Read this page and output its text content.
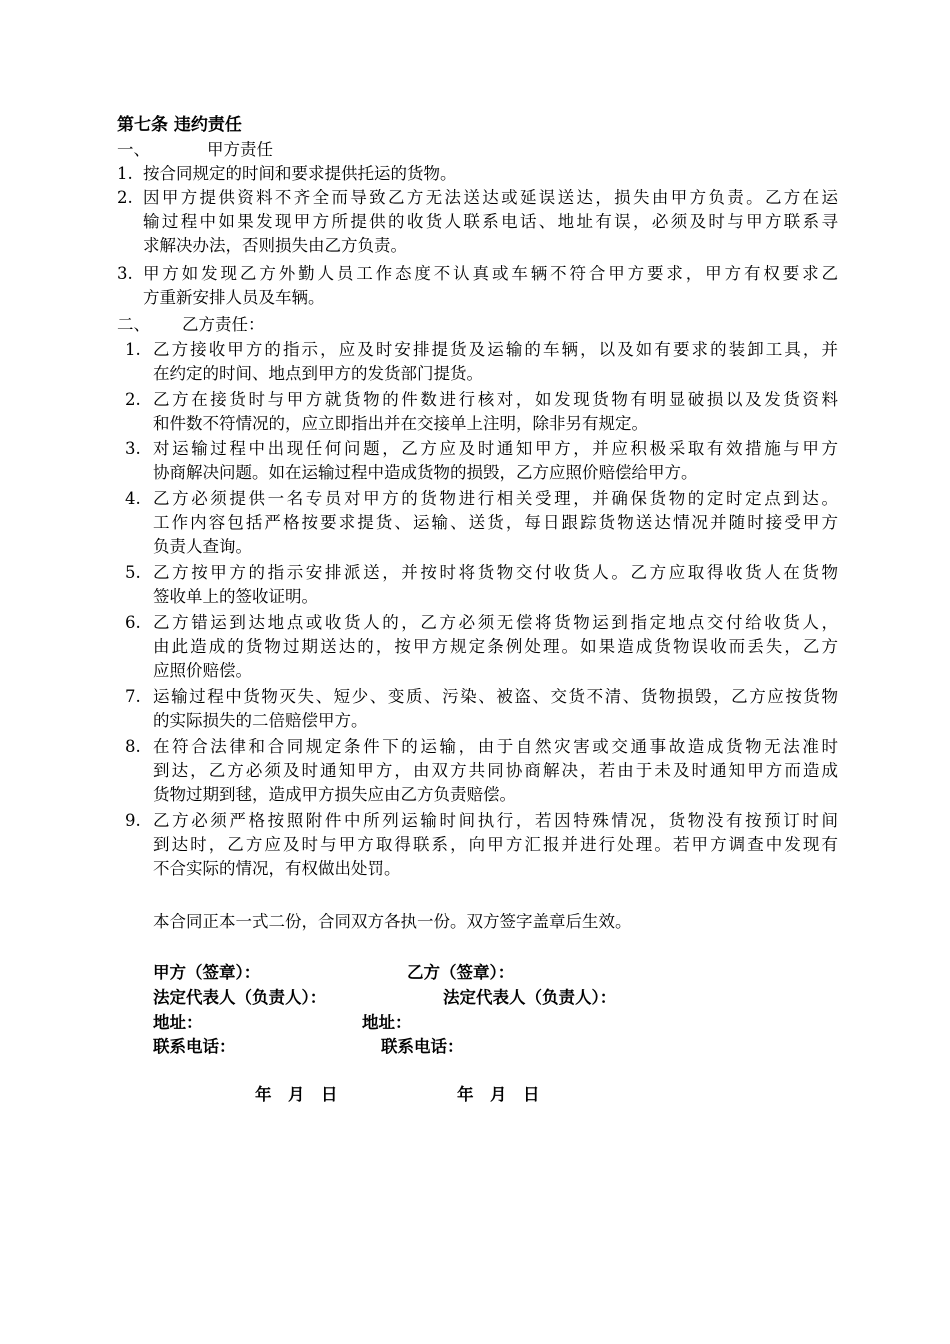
第七条 违约责任
一、	甲方责任
1. 按合同规定的时间和要求提供托运的货物。
2. 因甲方提供资料不齐全而导致乙方无法送达或延误送达，损失由甲方负责。乙方在运
输过程中如果发现甲方所提供的收货人联系电话、地址有误，必须及时与甲方联系寻
求解决办法，否则损失由乙方负责。
3. 甲方如发现乙方外勤人员工作态度不认真或车辆不符合甲方要求，甲方有权要求乙
方重新安排人员及车辆。
二、 乙方责任：
1. 乙方接收甲方的指示，应及时安排提货及运输的车辆，以及如有要求的装卸工具，并
在约定的时间、地点到甲方的发货部门提货。
2. 乙方在接货时与甲方就货物的件数进行核对，如发现货物有明显破损以及发货资料
和件数不符情况的，应立即指出并在交接单上注明，除非另有规定。
3. 对运输过程中出现任何问题，乙方应及时通知甲方，并应积极采取有效措施与甲方
协商解决问题。如在运输过程中造成货物的损毁，乙方应照价赔偿给甲方。
4. 乙方必须提供一名专员对甲方的货物进行相关受理，并确保货物的定时定点到达。
工作内容包括严格按要求提货、运输、送货，每日跟踪货物送达情况并随时接受甲方
负责人查询。
5. 乙方按甲方的指示安排派送，并按时将货物交付收货人。乙方应取得收货人在货物
签收单上的签收证明。
6. 乙方错运到达地点或收货人的，乙方必须无偿将货物运到指定地点交付给收货人，
由此造成的货物过期送达的，按甲方规定条例处理。如果造成货物误收而丢失，乙方
应照价赔偿。
7. 运输过程中货物灭失、短少、变质、污染、被盗、交货不清、货物损毁，乙方应按货物
的实际损失的二倍赔偿甲方。
8. 在符合法律和合同规定条件下的运输，由于自然灾害或交通事故造成货物无法准时
到达，乙方必须及时通知甲方，由双方共同协商解决，若由于未及时通知甲方而造成
货物过期到毬，造成甲方损失应由乙方负责赔偿。
9. 乙方必须严格按照附件中所列运输时间执行，若因特殊情况，货物没有按预订时间
到达时，乙方应及时与甲方取得联系，向甲方汇报并进行处理。若甲方调查中发现有
不合实际的情况，有权做出处罚。
本合同正本一式二份，合同双方各执一份。双方签字盖章后生效。
甲方（签章）：	乙方（签章）：
法定代表人（负责人）：	法定代表人（负责人）：
地址：	地址：
联系电话：	联系电话：
年　月　日	年　月　日
